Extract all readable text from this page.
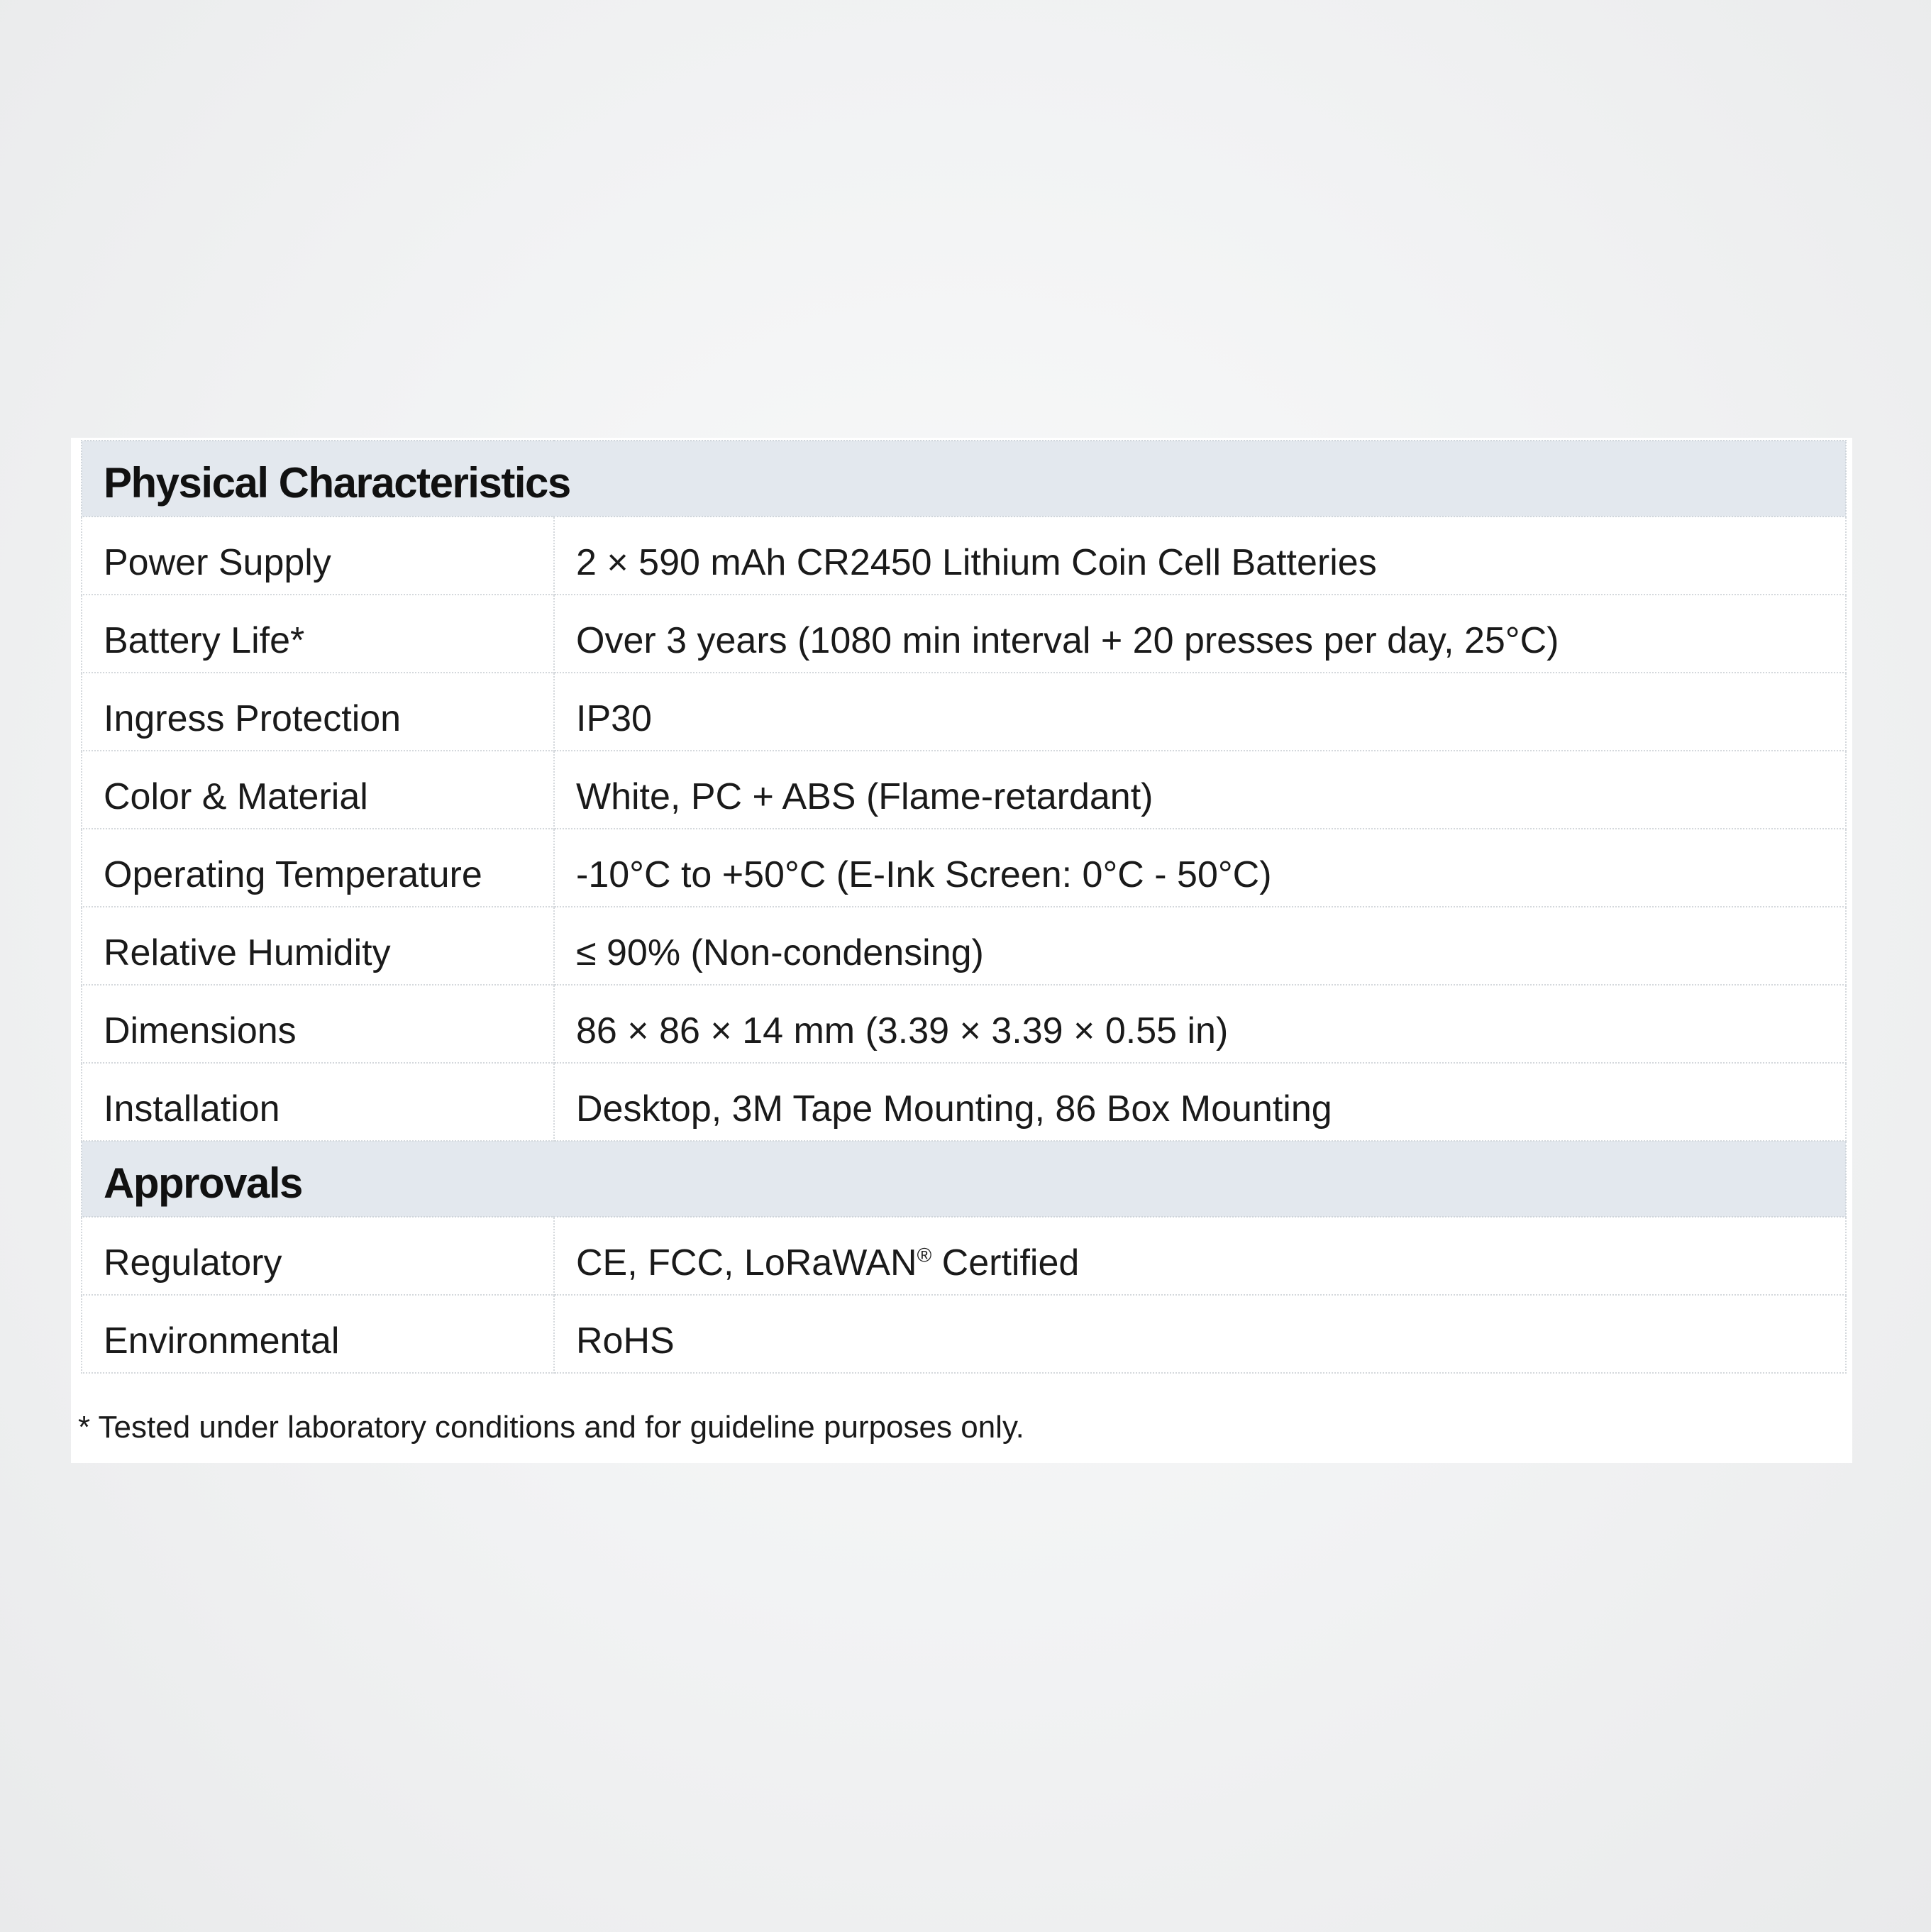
Physical Characteristics	
Power Supply	2 × 590 mAh CR2450 Lithium Coin Cell Batteries
Battery Life*	Over 3 years (1080 min interval + 20 presses per day, 25°C)
Ingress Protection	IP30
Color & Material	White, PC + ABS (Flame-retardant)
Operating Temperature	-10°C to +50°C (E-Ink Screen: 0°C - 50°C)
Relative Humidity	≤ 90% (Non-condensing)
Dimensions	86 × 86 × 14 mm (3.39 × 3.39 × 0.55 in)
Installation	Desktop, 3M Tape Mounting, 86 Box Mounting
Approvals	
Regulatory	CE, FCC, LoRaWAN® Certified
Environmental	RoHS
* Tested under laboratory conditions and for guideline purposes only.
